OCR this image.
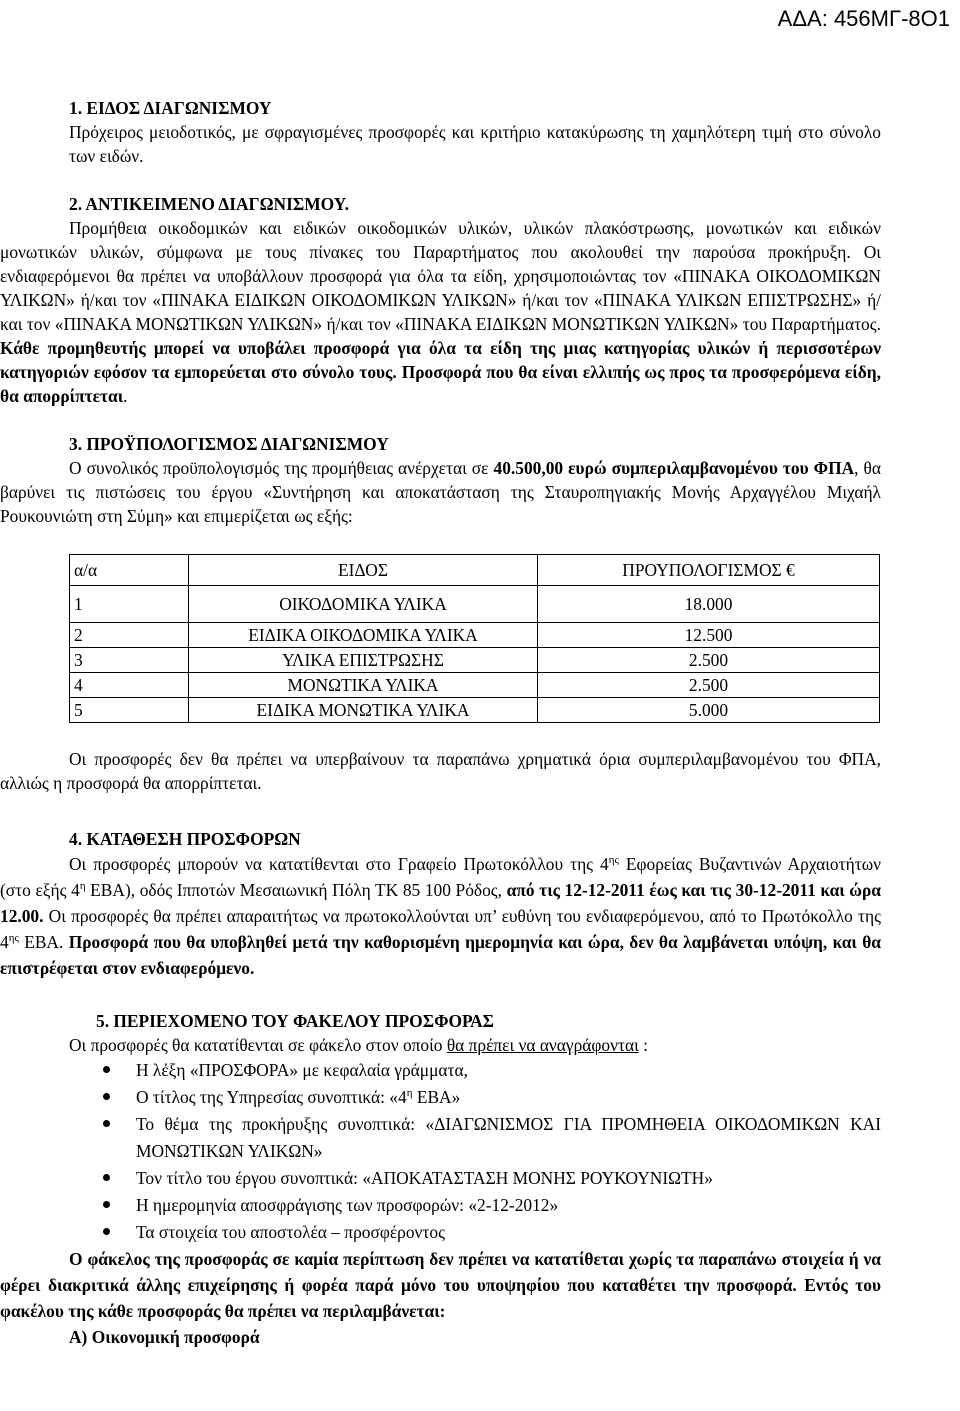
ΑΔΑ: 456ΜΓ-8Ο1

1. ΕΙΔΟΣ ΔΙΑΓΩΝΙΣΜΟΥ

Πρόχειρος μειοδοτικός, με σφραγισμένες προσφορές και κριτήριο κατακύρωσης τη χαμηλότερη τιμή στο σύνολο των ειδών.

2. ΑΝΤΙΚΕΙΜΕΝΟ ΔΙΑΓΩΝΙΣΜΟΥ.

Προμήθεια οικοδομικών και ειδικών οικοδομικών υλικών, υλικών πλακόστρωσης, μονωτικών και ειδικών μονωτικών υλικών, σύμφωνα με τους πίνακες του Παραρτήματος που ακολουθεί την παρούσα προκήρυξη. Οι ενδιαφερόμενοι θα πρέπει να υποβάλλουν προσφορά για όλα τα είδη, χρησιμοποιώντας τον «ΠΙΝΑΚΑ ΟΙΚΟΔΟΜΙΚΩΝ ΥΛΙΚΩΝ» ή/και τον «ΠΙΝΑΚΑ ΕΙΔΙΚΩΝ ΟΙΚΟΔΟΜΙΚΩΝ ΥΛΙΚΩΝ» ή/και τον «ΠΙΝΑΚΑ ΥΛΙΚΩΝ ΕΠΙΣΤΡΩΣΗΣ» ή/και τον «ΠΙΝΑΚΑ ΜΟΝΩΤΙΚΩΝ ΥΛΙΚΩΝ» ή/και τον «ΠΙΝΑΚΑ ΕΙΔΙΚΩΝ ΜΟΝΩΤΙΚΩΝ ΥΛΙΚΩΝ» του Παραρτήματος. Κάθε προμηθευτής μπορεί να υποβάλει προσφορά για όλα τα είδη της μιας κατηγορίας υλικών ή περισσοτέρων κατηγοριών εφόσον τα εμπορεύεται στο σύνολο τους. Προσφορά που θα είναι ελλιπής ως προς τα προσφερόμενα είδη, θα απορρίπτεται.

3. ΠΡΟΫΠΟΛΟΓΙΣΜΟΣ ΔΙΑΓΩΝΙΣΜΟΥ

Ο συνολικός προϋπολογισμός της προμήθειας ανέρχεται σε 40.500,00 ευρώ συμπεριλαμβανομένου του ΦΠΑ, θα βαρύνει τις πιστώσεις του έργου «Συντήρηση και αποκατάσταση της Σταυροπηγιακής Μονής Αρχαγγέλου Μιχαήλ Ρουκουνιώτη στη Σύμη» και επιμερίζεται ως εξής:

α/α	ΕΙΔΟΣ	ΠΡΟΥΠΟΛΟΓΙΣΜΟΣ €
1	ΟΙΚΟΔΟΜΙΚΑ ΥΛΙΚΑ	18.000
2	ΕΙΔΙΚΑ ΟΙΚΟΔΟΜΙΚΑ ΥΛΙΚΑ	12.500
3	ΥΛΙΚΑ ΕΠΙΣΤΡΩΣΗΣ	2.500
4	ΜΟΝΩΤΙΚΑ ΥΛΙΚΑ	2.500
5	ΕΙΔΙΚΑ ΜΟΝΩΤΙΚΑ ΥΛΙΚΑ	5.000

Οι προσφορές δεν θα πρέπει να υπερβαίνουν τα παραπάνω χρηματικά όρια συμπεριλαμβανομένου του ΦΠΑ, αλλιώς η προσφορά θα απορρίπτεται.

4. ΚΑΤΑΘΕΣΗ ΠΡΟΣΦΟΡΩΝ

Οι προσφορές μπορούν να κατατίθενται στο Γραφείο Πρωτοκόλλου της $4^{\eta\varsigma}$ Εφορείας Βυζαντινών Αρχαιοτήτων (στο εξής $4^\eta$ ΕΒΑ), οδός Ιπποτών Μεσαιωνική Πόλη ΤΚ 85 100 Ρόδος, από τις 12-12-2011 έως και τις 30-12-2011 και ώρα 12.00. Οι προσφορές θα πρέπει απαραιτήτως να πρωτοκολλούνται υπ’ ευθύνη του ενδιαφερόμενου, από το Πρωτόκολλο της $4^{\eta\varsigma}$ ΕΒΑ. Προσφορά που θα υποβληθεί μετά την καθορισμένη ημερομηνία και ώρα, δεν θα λαμβάνεται υπόψη, και θα επιστρέφεται στον ενδιαφερόμενο.

5. ΠΕΡΙΕΧΟΜΕΝΟ ΤΟΥ ΦΑΚΕΛΟΥ ΠΡΟΣΦΟΡΑΣ

Οι προσφορές θα κατατίθενται σε φάκελο στον οποίο θα πρέπει να αναγράφονται :

Η λέξη «ΠΡΟΣΦΟΡΑ» με κεφαλαία γράμματα,
Ο τίτλος της Υπηρεσίας συνοπτικά: «$4^\eta$ ΕΒΑ»
Το θέμα της προκήρυξης συνοπτικά: «ΔΙΑΓΩΝΙΣΜΟΣ ΓΙΑ ΠΡΟΜΗΘΕΙΑ ΟΙΚΟΔΟΜΙΚΩΝ ΚΑΙ ΜΟΝΩΤΙΚΩΝ ΥΛΙΚΩΝ»
Τον τίτλο του έργου συνοπτικά: «ΑΠΟΚΑΤΑΣΤΑΣΗ ΜΟΝΗΣ ΡΟΥΚΟΥΝΙΩΤΗ»
Η ημερομηνία αποσφράγισης των προσφορών: «2-12-2012»
Τα στοιχεία του αποστολέα – προσφέροντος

Ο φάκελος της προσφοράς σε καμία περίπτωση δεν πρέπει να κατατίθεται χωρίς τα παραπάνω στοιχεία ή να φέρει διακριτικά άλλης επιχείρησης ή φορέα παρά μόνο του υποψηφίου που καταθέτει την προσφορά. Εντός του φακέλου της κάθε προσφοράς θα πρέπει να περιλαμβάνεται:

Α) Οικονομική προσφορά
